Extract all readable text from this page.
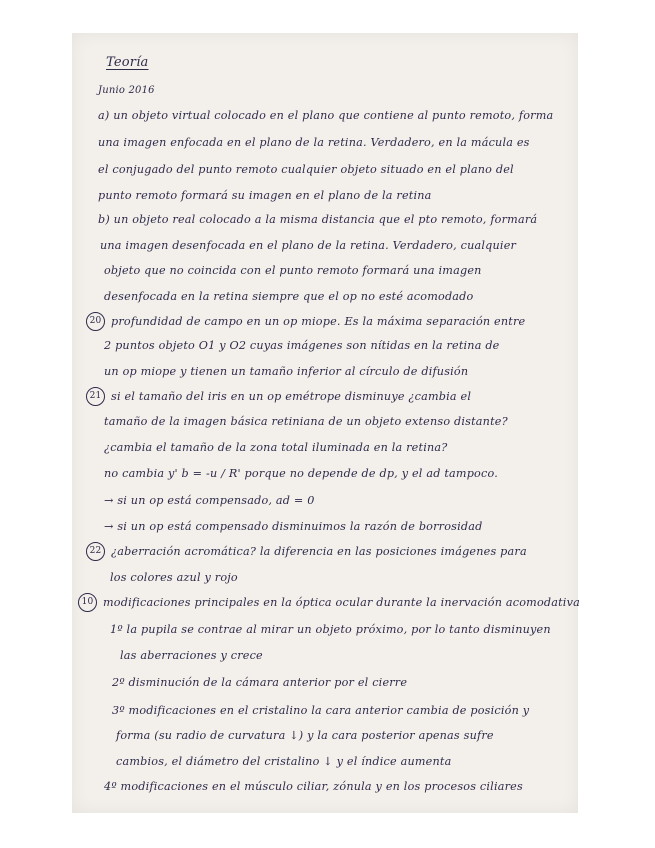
Teoría
Junio 2016
a) un objeto virtual colocado en el plano que contiene al punto remoto, forma
una imagen enfocada en el plano de la retina. Verdadero, en la mácula es
el conjugado del punto remoto cualquier objeto situado en el plano del
punto remoto formará su imagen en el plano de la retina
b) un objeto real colocado a la misma distancia que el pto remoto, formará
una imagen desenfocada en el plano de la retina. Verdadero, cualquier
objeto que no coincida con el punto remoto formará una imagen
desenfocada en la retina siempre que el op no esté acomodado
20 profundidad de campo en un op miope. Es la máxima separación entre
2 puntos objeto O1 y O2 cuyas imágenes son nítidas en la retina de
un op miope y tienen un tamaño inferior al círculo de difusión
21 si el tamaño del iris en un op emétrope disminuye ¿cambia el
tamaño de la imagen básica retiniana de un objeto extenso distante?
¿cambia el tamaño de la zona total iluminada en la retina?
no cambia y' b = -u / R' porque no depende de dp, y el ad tampoco.
→ si un op está compensado, ad = 0
→ si un op está compensado disminuimos la razón de borrosidad
22 ¿aberración acromática? la diferencia en las posiciones imágenes para
los colores azul y rojo
10 modificaciones principales en la óptica ocular durante la inervación acomodativa
1º la pupila se contrae al mirar un objeto próximo, por lo tanto disminuyen
las aberraciones y crece
2º disminución de la cámara anterior por el cierre
3º modificaciones en el cristalino la cara anterior cambia de posición y
forma (su radio de curvatura ↓) y la cara posterior apenas sufre
cambios, el diámetro del cristalino ↓ y el índice aumenta
4º modificaciones en el músculo ciliar, zónula y en los procesos ciliares
